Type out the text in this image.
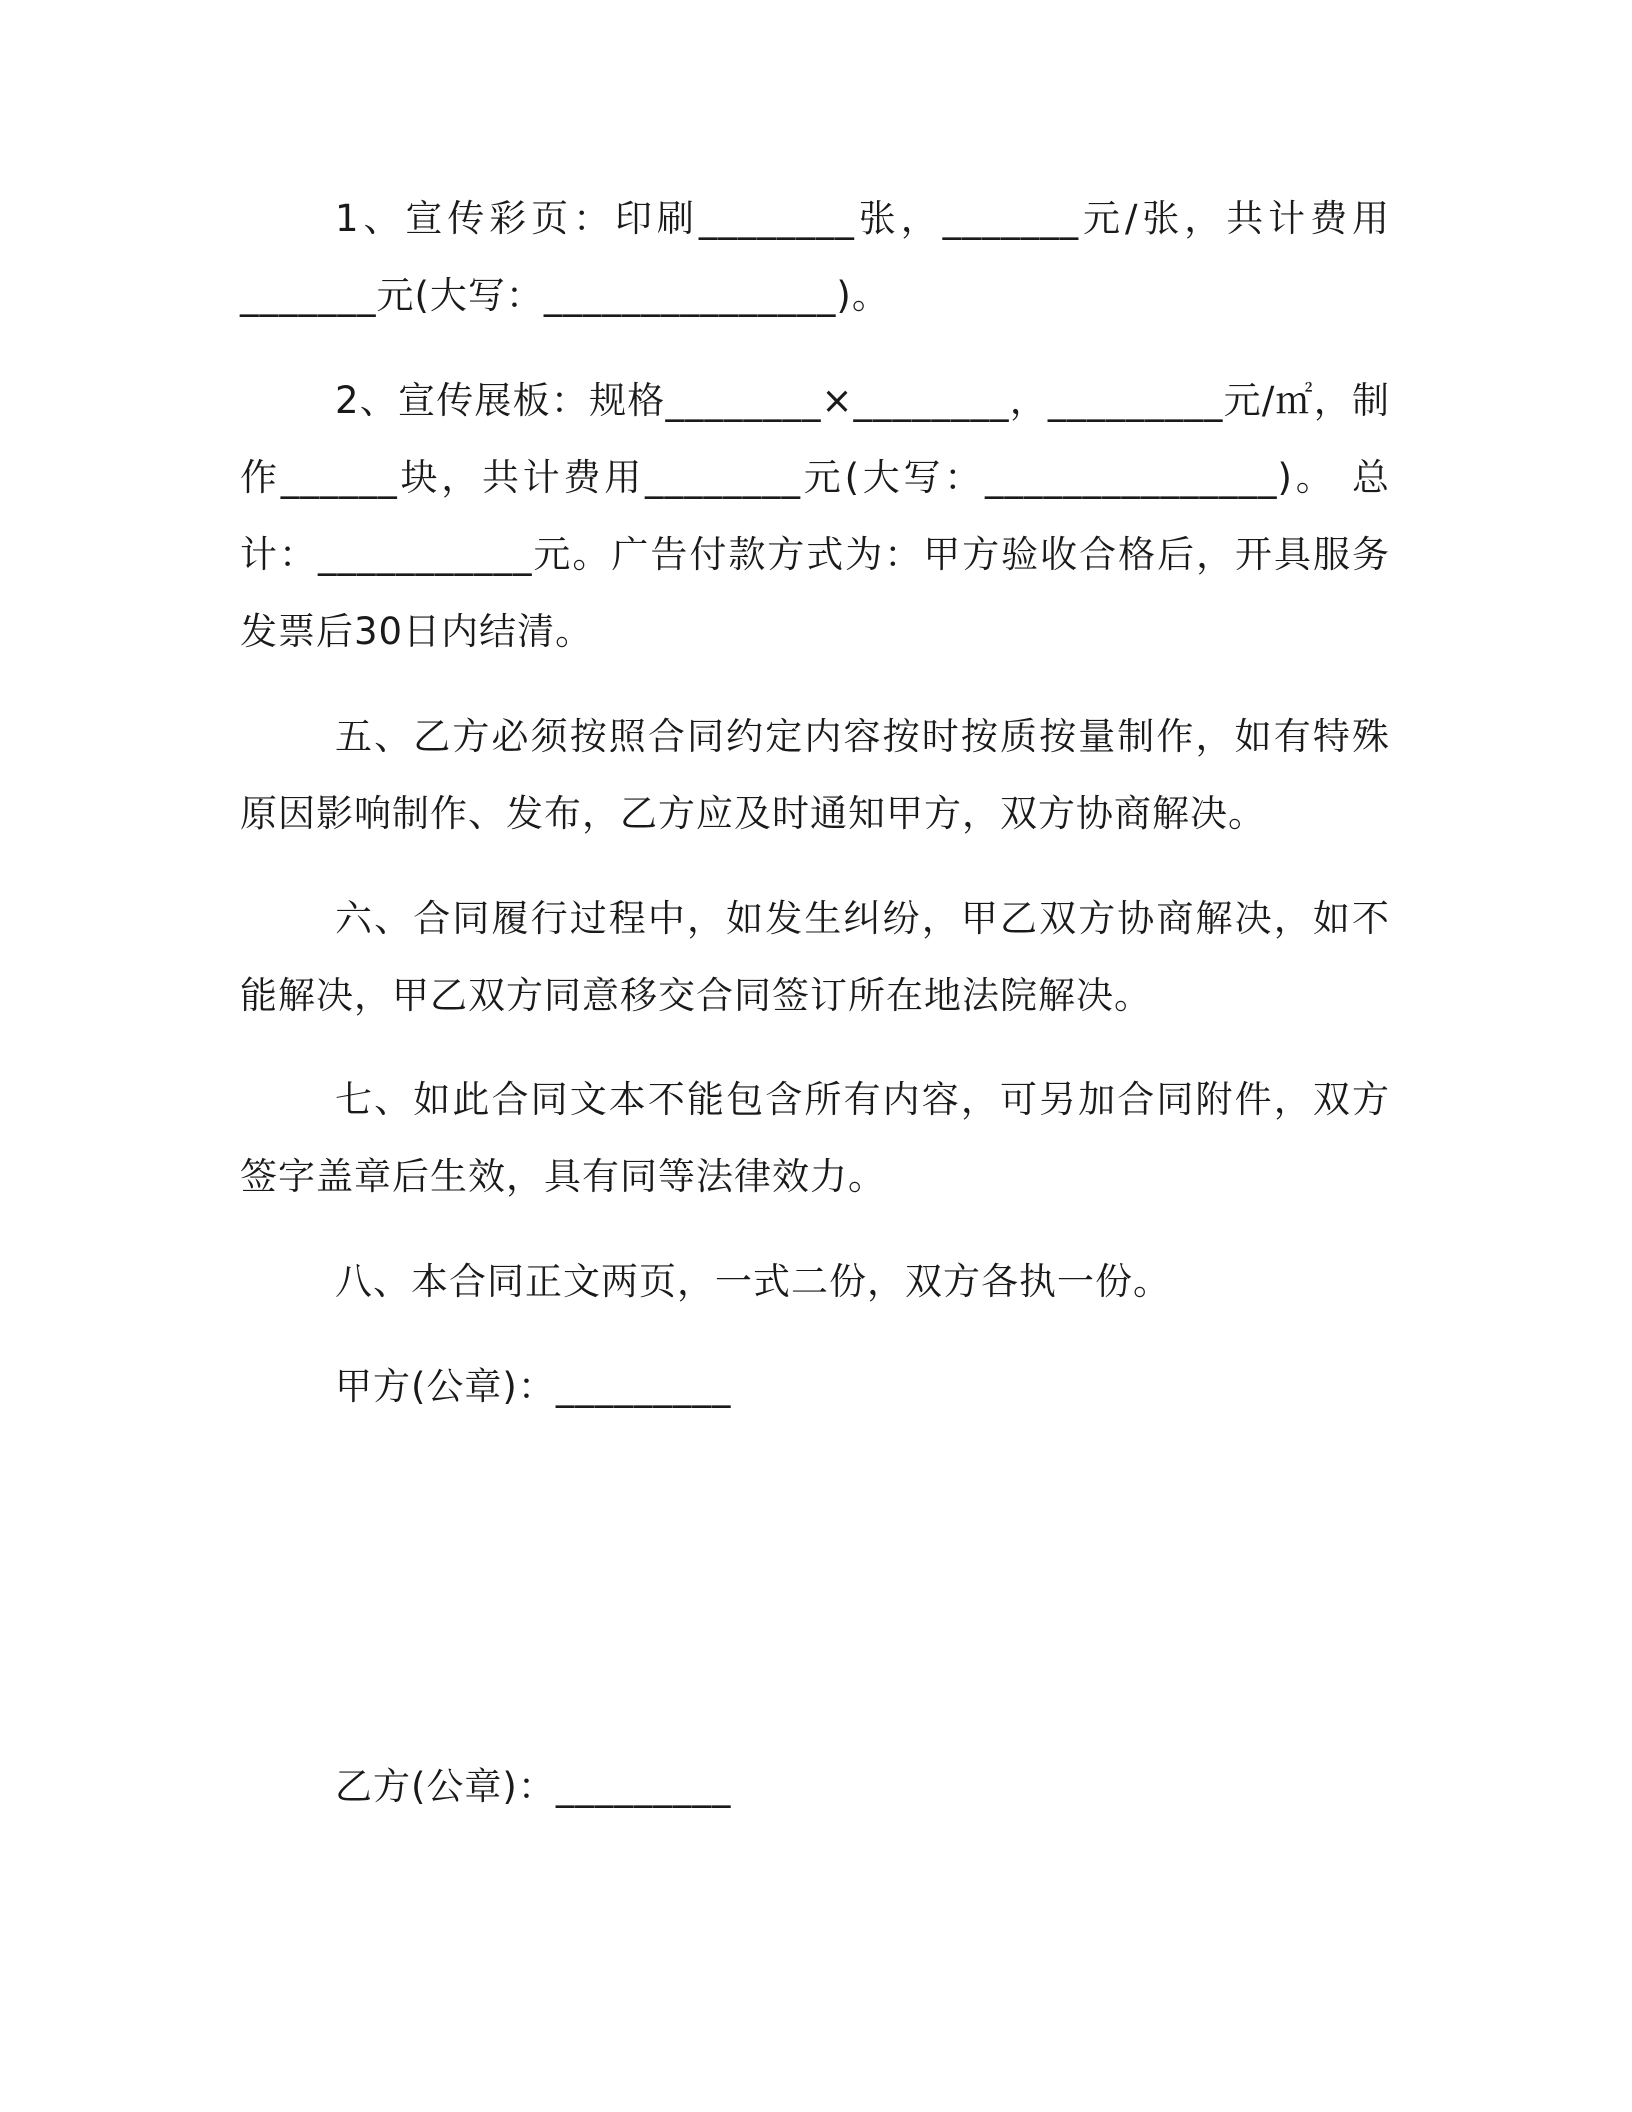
1、宣传彩页：印刷________张，_______元/张，共计费用_______元(大写：_______________)。

2、宣传展板：规格________×________，_________元/㎡，制作______块，共计费用________元(大写：_______________)。 总计：___________元。广告付款方式为：甲方验收合格后，开具服务发票后30日内结清。

五、乙方必须按照合同约定内容按时按质按量制作，如有特殊原因影响制作、发布，乙方应及时通知甲方，双方协商解决。

六、合同履行过程中，如发生纠纷，甲乙双方协商解决，如不能解决，甲乙双方同意移交合同签订所在地法院解决。

七、如此合同文本不能包含所有内容，可另加合同附件，双方签字盖章后生效，具有同等法律效力。

八、本合同正文两页，一式二份，双方各执一份。

甲方(公章)：_________

乙方(公章)：_________
